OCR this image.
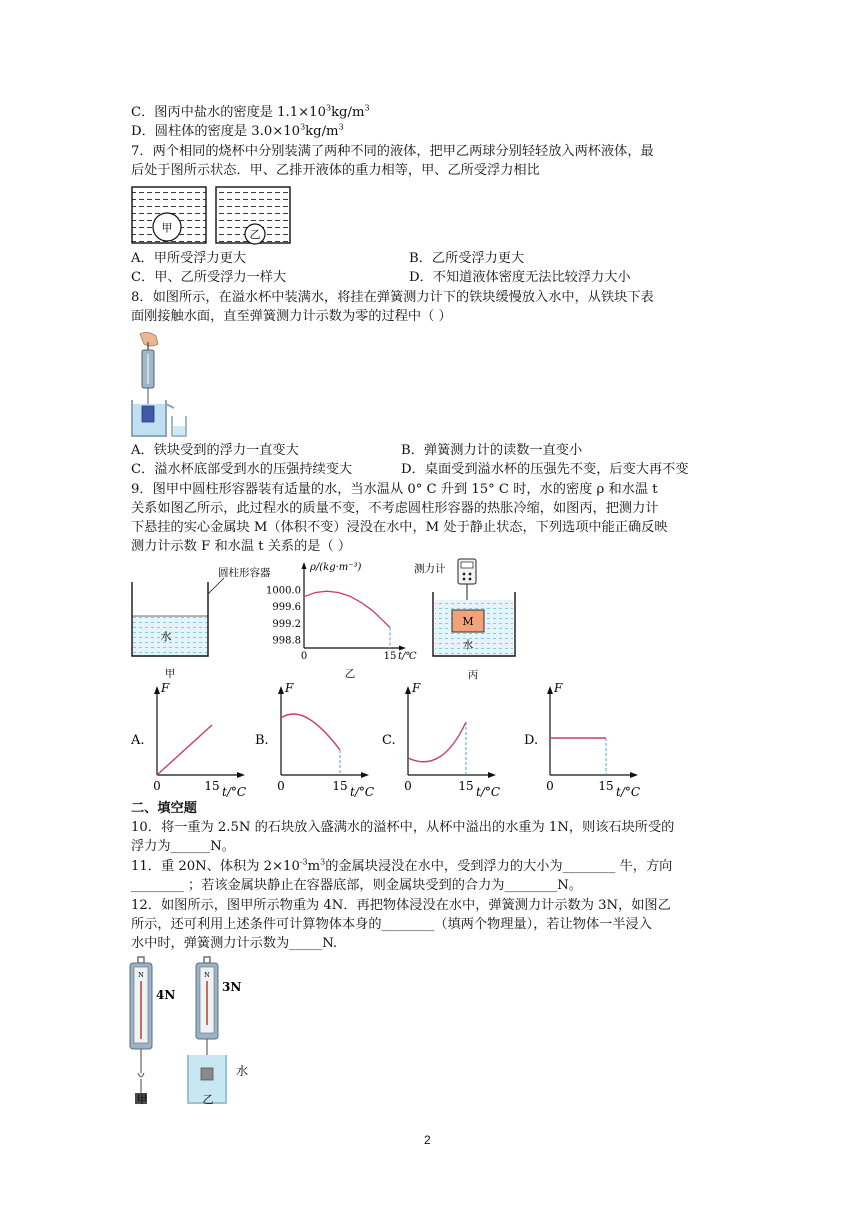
C．图丙中盐水的密度是 $1.1\times 10^3kg/m^3$
D．圆柱体的密度是 $3.0\times 10^3kg/m^3$
7．两个相同的烧杯中分别装满了两种不同的液体，把甲乙两球分别轻轻放入两杯液体，最
后处于图所示状态．甲、乙排开液体的重力相等，甲、乙所受浮力相比
甲	乙
A．甲所受浮力更大	B．乙所受浮力更大
C．甲、乙所受浮力一样大	D．不知道液体密度无法比较浮力大小
8．如图所示，在溢水杯中装满水，将挂在弹簧测力计下的铁块缓慢放入水中，从铁块下表
面刚接触水面，直至弹簧测力计示数为零的过程中（ ）
A．铁块受到的浮力一直变大	B．弹簧测力计的读数一直变小
C．溢水杯底部受到水的压强持续变大	D．桌面受到溢水杯的压强先不变，后变大再不变
9．图甲中圆柱形容器装有适量的水，当水温从 0° C 升到 15° C 时，水的密度 ρ 和水温 t
关系如图乙所示，此过程水的质量不变，不考虑圆柱形容器的热胀冷缩，如图丙，把测力计
下悬挂的实心金属块 M（体积不变）浸没在水中，M 处于静止状态，下列选项中能正确反映
测力计示数 F 和水温 t 关系的是（ ）
圆柱形容器
水
甲
ρ/(kg·m⁻³)
1000.0
999.6
999.2
998.8
0	15 t/℃
乙
测力计
M
水
丙
A.
F
0	15 t/°C
B.
F
0	15 t/°C
C.
F
0	15 t/°C
D.
F
0	15 t/°C
二、填空题
10．将一重为 2.5N 的石块放入盛满水的溢杯中，从杯中溢出的水重为 1N，则该石块所受的
浮力为______N。
11．重 20N、体积为 $2\times 10^{-3}m^3$的金属块浸没在水中，受到浮力的大小为________ 牛，方向
________ ；若该金属块静止在容器底部，则金属块受到的合力为________N。
12．如图所示，图甲所示物重为 4N．再把物体浸没在水中，弹簧测力计示数为 3N，如图乙
所示，还可利用上述条件可计算物体本身的________（填两个物理量），若让物体一半浸入
水中时，弹簧测力计示数为_____N.
N
4N
N
3N
水
甲	乙
2
